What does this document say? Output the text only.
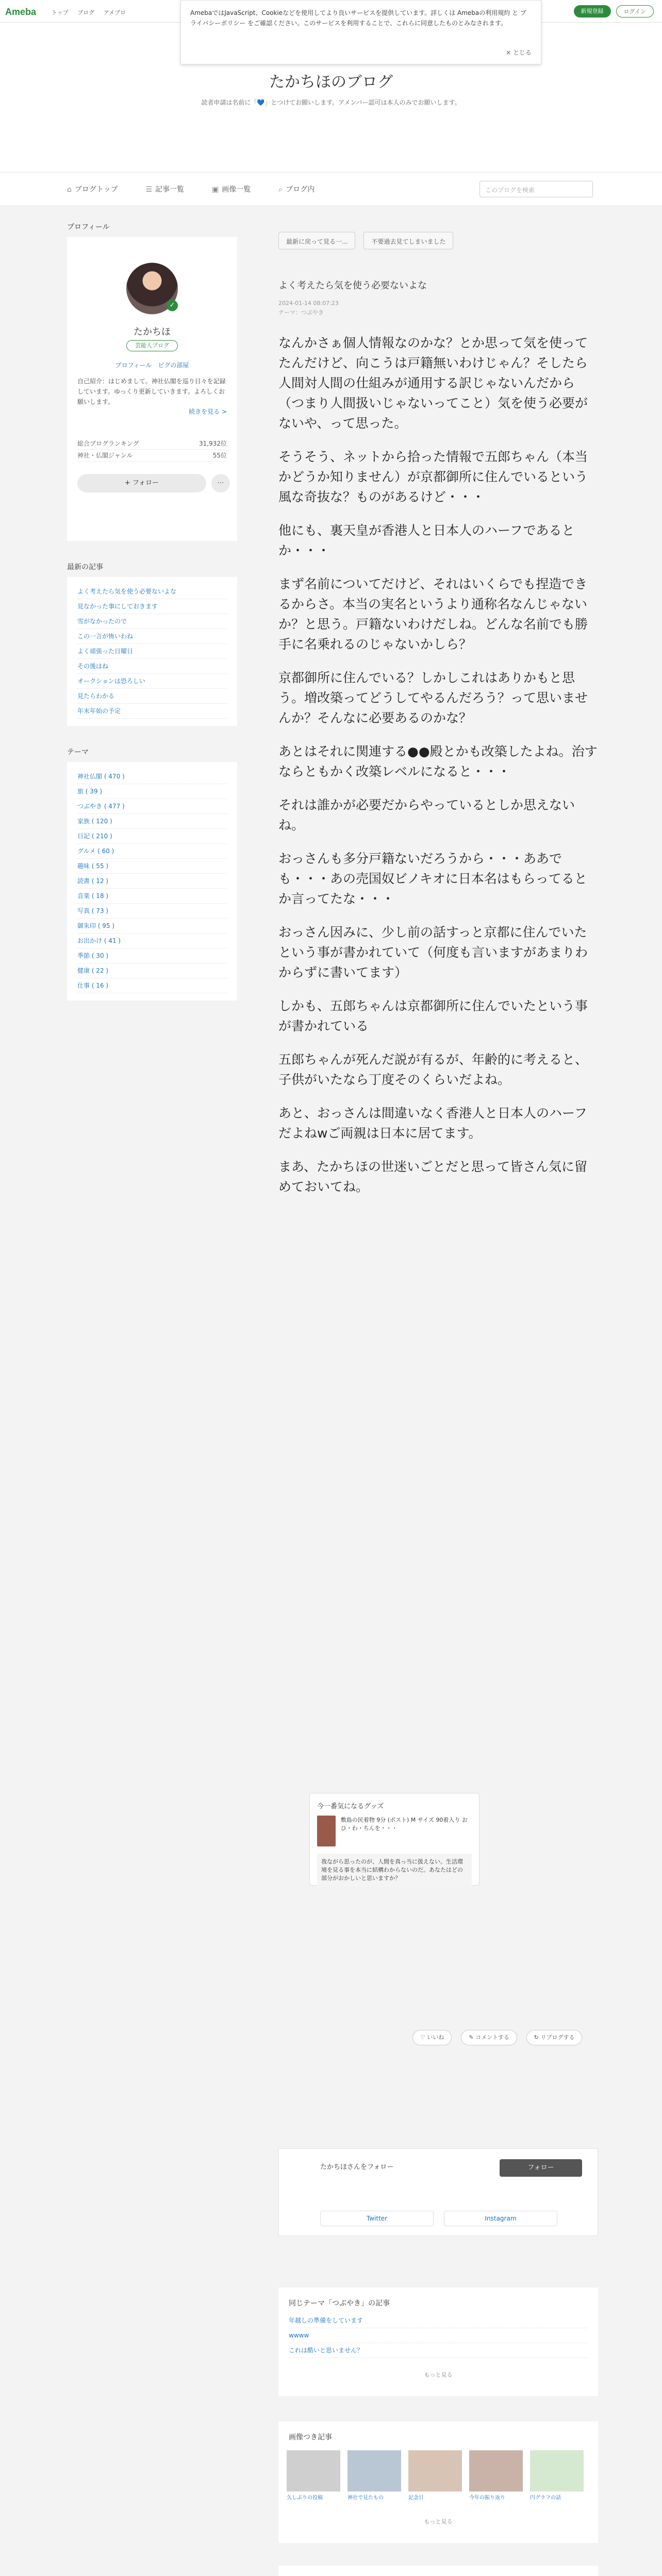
Ameba	トップ ブログ アメブロ	新規登録	ログイン
たかちほのブログ
読者申請は名前に「💙」とつけてお願いします。アメンバー認可は本人のみでお願いします。
AmebaではJavaScript、Cookieなどを使用してより良いサービスを提供しています。詳しくは Amebaの利用規約 と プライバシーポリシー をご確認ください。このサービスを利用することで、これらに同意したものとみなされます。
× とじる
⌂ ブログトップ	☰ 記事一覧	▣ 画像一覧	⌕ ブログ内	このブログを検索
プロフィール
✓
たかちほ
芸能人ブログ
プロフィール　ピグの部屋
自己紹介：はじめまして。神社仏閣を巡り日々を記録しています。ゆっくり更新していきます。よろしくお願いします。
続きを見る >
総合ブログランキング	31,932位
神社・仏閣ジャンル	55位
+ フォロー	⋯
最新の記事
よく考えたら気を使う必要ないよな
見なかった事にしておきます
雪がなかったので
この一言が怖いわね
よく頑張った日曜日
その後はね
オークションは恐ろしい
見たらわかる
年末年始の予定
テーマ
神社仏閣 ( 470 )
旅 ( 39 )
つぶやき ( 477 )
家族 ( 120 )
日記 ( 210 )
グルメ ( 60 )
趣味 ( 55 )
読書 ( 12 )
音楽 ( 18 )
写真 ( 73 )
御朱印 ( 95 )
お出かけ ( 41 )
季節 ( 30 )
健康 ( 22 )
仕事 ( 16 )
最新に戻って見る一...	不要過去見てしまいました
よく考えたら気を使う必要ないよな
2024-01-14 08:07:23
テーマ：つぶやき

なんかさぁ個人情報なのかな？とか思って気を使ってたんだけど、向こうは戸籍無いわけじゃん？そしたら人間対人間の仕組みが通用する訳じゃないんだから（つまり人間扱いじゃないってこと）気を使う必要がないや、って思った。

そうそう、ネットから拾った情報で五郎ちゃん（本当かどうか知りません）が京都御所に住んでいるという風な奇抜な？ものがあるけど・・・

他にも、裏天皇が香港人と日本人のハーフであるとか・・・

まず名前についてだけど、それはいくらでも捏造できるからさ。本当の実名というより通称名なんじゃないか？と思う。戸籍ないわけだしね。どんな名前でも勝手に名乗れるのじゃないかしら？

京都御所に住んでいる？しかしこれはありかもと思う。増改築ってどうしてやるんだろう？って思いませんか？そんなに必要あるのかな？

あとはそれに関連する●●殿とかも改築したよね。治すならともかく改築レベルになると・・・

それは誰かが必要だからやっているとしか思えないね。

おっさんも多分戸籍ないだろうから・・・ああでも・・・あの売国奴ビノキオに日本名はもらってるとか言ってたな・・・

おっさん因みに、少し前の話すっと京都に住んでいたという事が書かれていて（何度も言いますがあまりわからずに書いてます）

しかも、五郎ちゃんは京都御所に住んでいたという事が書かれている

五郎ちゃんが死んだ説が有るが、年齢的に考えると、子供がいたなら丁度そのくらいだよね。

あと、おっさんは間違いなく香港人と日本人のハーフだよねwご両親は日本に居てます。

まあ、たかちほの世迷いごとだと思って皆さん気に留めておいてね。

今一番気になるグッズ
敷島の民着物 9分 (ポスト) M サイズ 90着入り おひ・わ・ちんを・・・
我ながら思ったのが、人間を真っ当に扱えない。生活環境を見る事を本当に結構わからないのだ。あなたはどの部分がおかしいと思いますか？
♡ いいね	✎ コメントする	↻ リブログする
たかちほさんをフォロー	フォロー
Twitter	Instagram
同じテーマ「つぶやき」の記事
年越しの準備をしています
wwww
これは酷いと思いません？
もっと見る
画像つき記事
久しぶりの投稿	神社で見たもの	記念日	今年の振り返り	円グラフの話
もっと見る
